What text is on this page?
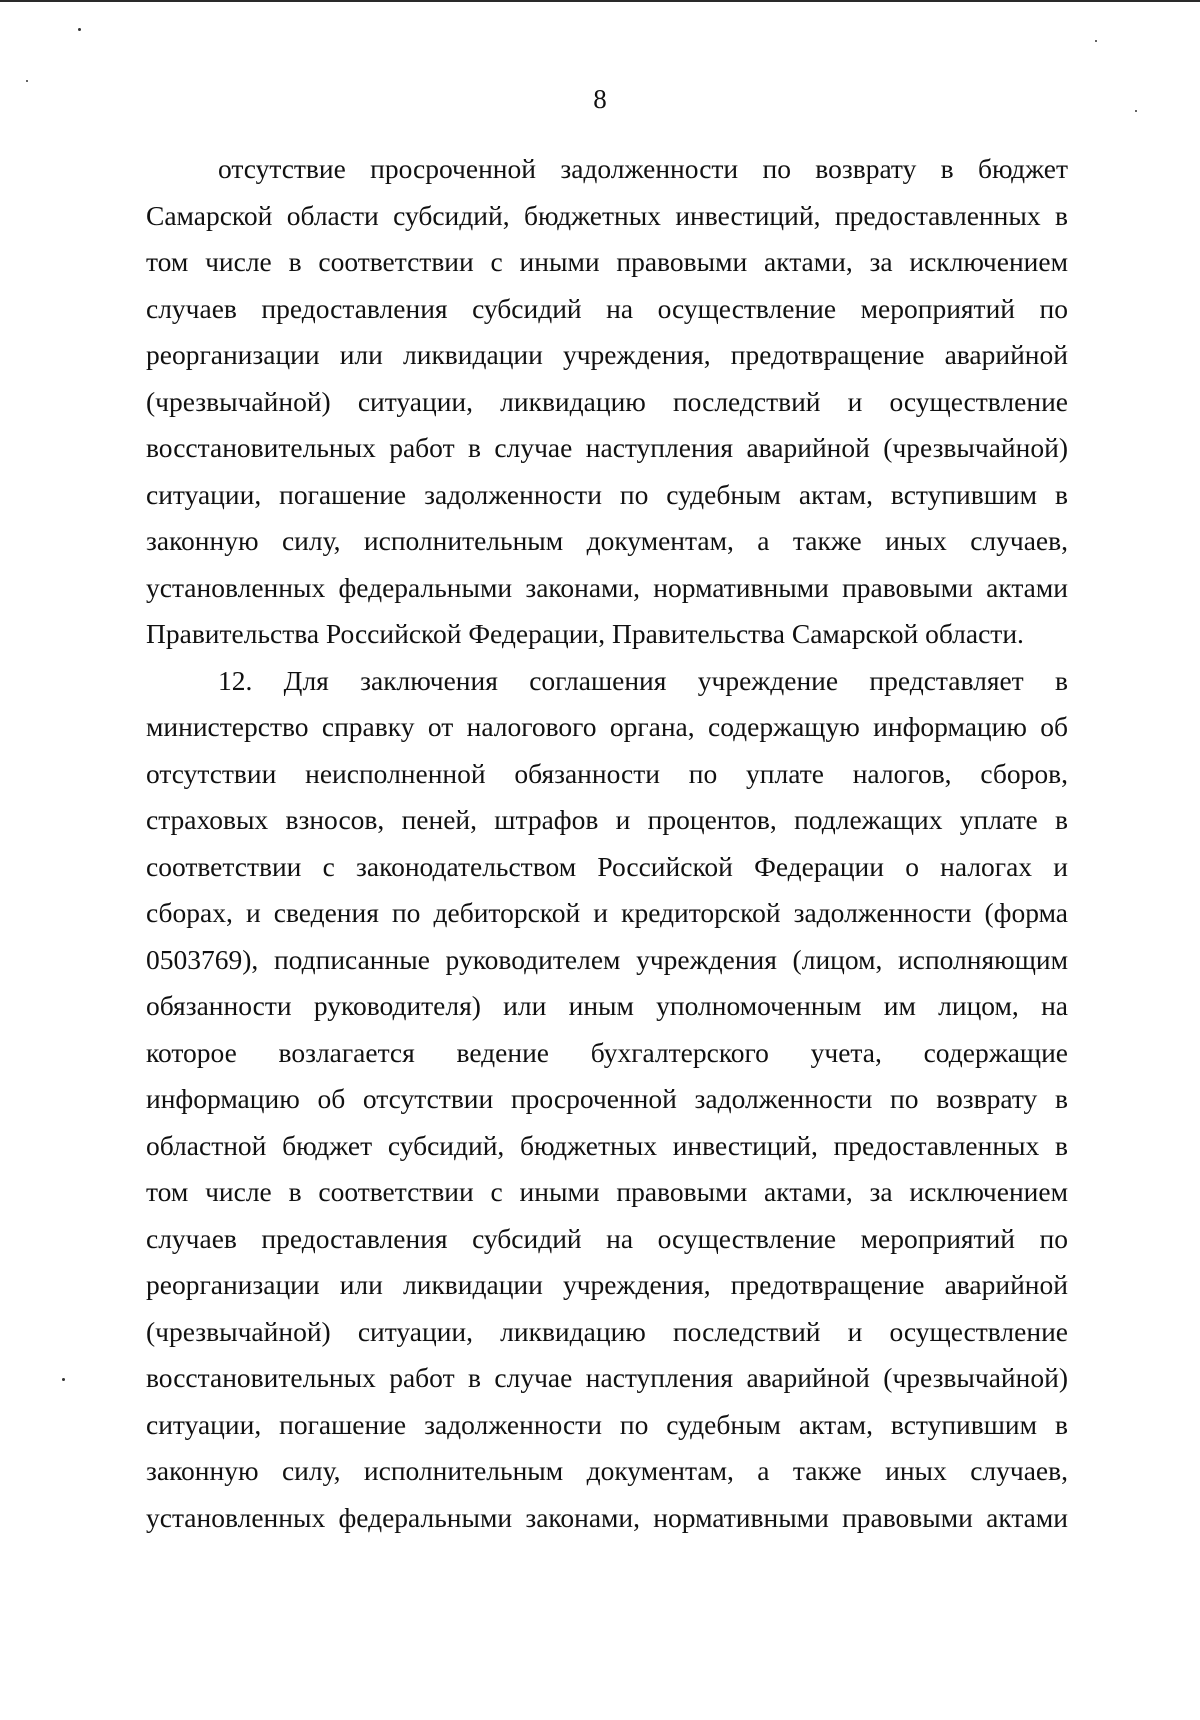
8
отсутствие просроченной задолженности по возврату в бюджет
Самарской области субсидий, бюджетных инвестиций, предоставленных в
том числе в соответствии с иными правовыми актами, за исключением
случаев предоставления субсидий на осуществление мероприятий по
реорганизации или ликвидации учреждения, предотвращение аварийной
(чрезвычайной) ситуации, ликвидацию последствий и осуществление
восстановительных работ в случае наступления аварийной (чрезвычайной)
ситуации, погашение задолженности по судебным актам, вступившим в
законную силу, исполнительным документам, а также иных случаев,
установленных федеральными законами, нормативными правовыми актами
Правительства Российской Федерации, Правительства Самарской области.
12. Для заключения соглашения учреждение представляет в
министерство справку от налогового органа, содержащую информацию об
отсутствии неисполненной обязанности по уплате налогов, сборов,
страховых взносов, пеней, штрафов и процентов, подлежащих уплате в
соответствии с законодательством Российской Федерации о налогах и
сборах, и сведения по дебиторской и кредиторской задолженности (форма
0503769), подписанные руководителем учреждения (лицом, исполняющим
обязанности руководителя) или иным уполномоченным им лицом, на
которое возлагается ведение бухгалтерского учета, содержащие
информацию об отсутствии просроченной задолженности по возврату в
областной бюджет субсидий, бюджетных инвестиций, предоставленных в
том числе в соответствии с иными правовыми актами, за исключением
случаев предоставления субсидий на осуществление мероприятий по
реорганизации или ликвидации учреждения, предотвращение аварийной
(чрезвычайной) ситуации, ликвидацию последствий и осуществление
восстановительных работ в случае наступления аварийной (чрезвычайной)
ситуации, погашение задолженности по судебным актам, вступившим в
законную силу, исполнительным документам, а также иных случаев,
установленных федеральными законами, нормативными правовыми актами
